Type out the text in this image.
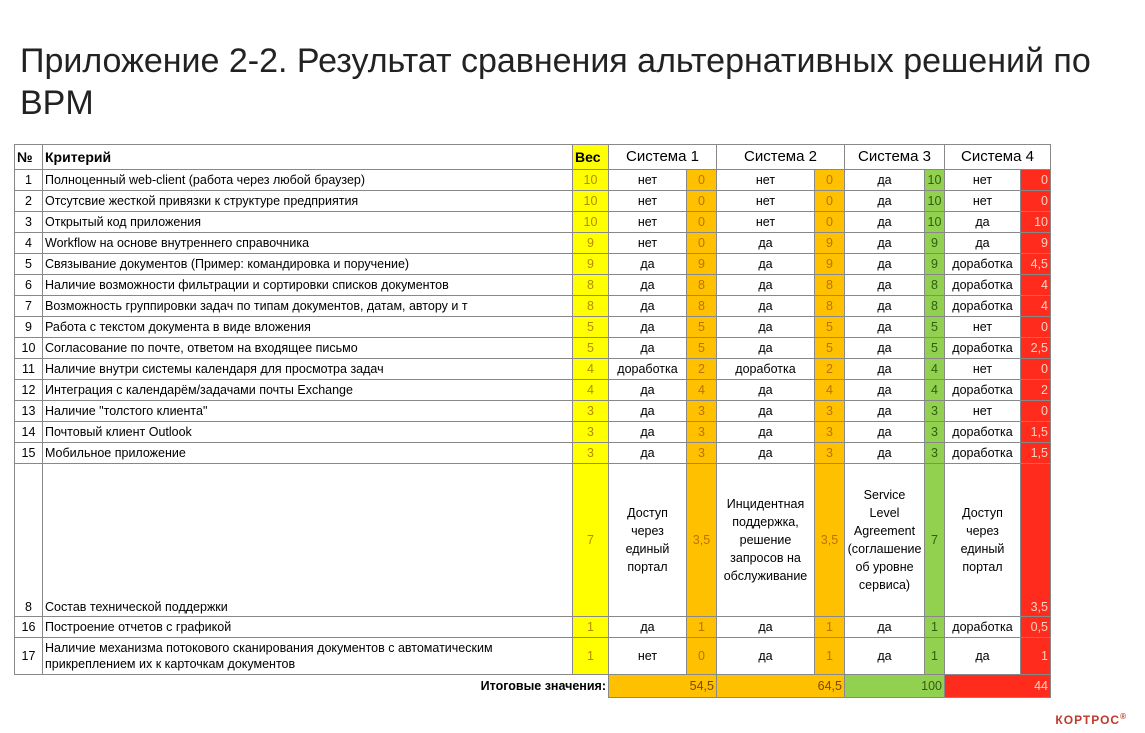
Приложение 2-2. Результат сравнения альтернативных решений по BPM
№	Критерий	Вес	Система 1		Система 2		Система 3		Система 4	
1	Полноценный web-client (работа через любой браузер)	10	нет	0	нет	0	да	10	нет	0
2	Отсутсвие жесткой привязки к структуре предприятия	10	нет	0	нет	0	да	10	нет	0
3	Открытый код приложения	10	нет	0	нет	0	да	10	да	10
4	Workflow на основе внутреннего справочника	9	нет	0	да	9	да	9	да	9
5	Связывание документов (Пример: командировка и поручение)	9	да	9	да	9	да	9	доработка	4,5
6	Наличие возможности фильтрации и сортировки списков документов	8	да	8	да	8	да	8	доработка	4
7	Возможность группировки задач по типам документов, датам, автору и т	8	да	8	да	8	да	8	доработка	4
9	Работа с текстом документа в виде вложения	5	да	5	да	5	да	5	нет	0
10	Согласование по почте, ответом на входящее письмо	5	да	5	да	5	да	5	доработка	2,5
11	Наличие внутри системы календаря для просмотра задач	4	доработка	2	доработка	2	да	4	нет	0
12	Интеграция с календарём/задачами почты Exchange	4	да	4	да	4	да	4	доработка	2
13	Наличие "толстого клиента"	3	да	3	да	3	да	3	нет	0
14	Почтовый клиент Outlook	3	да	3	да	3	да	3	доработка	1,5
15	Мобильное приложение	3	да	3	да	3	да	3	доработка	1,5
8	Состав технической поддержки	7	Доступ через единый портал	3,5	Инцидентная поддержка, решение запросов на обслуживание	3,5	Service Level Agreement (соглашение об уровне сервиса)	7	Доступ через единый портал	3,5
16	Построение отчетов с графикой	1	да	1	да	1	да	1	доработка	0,5
17	Наличие механизма потокового сканирования документов с автоматическим прикреплением их к карточкам документов	1	нет	0	да	1	да	1	да	1
Итоговые значения:			54,5		64,5		100		44	
КОРТРОС®
